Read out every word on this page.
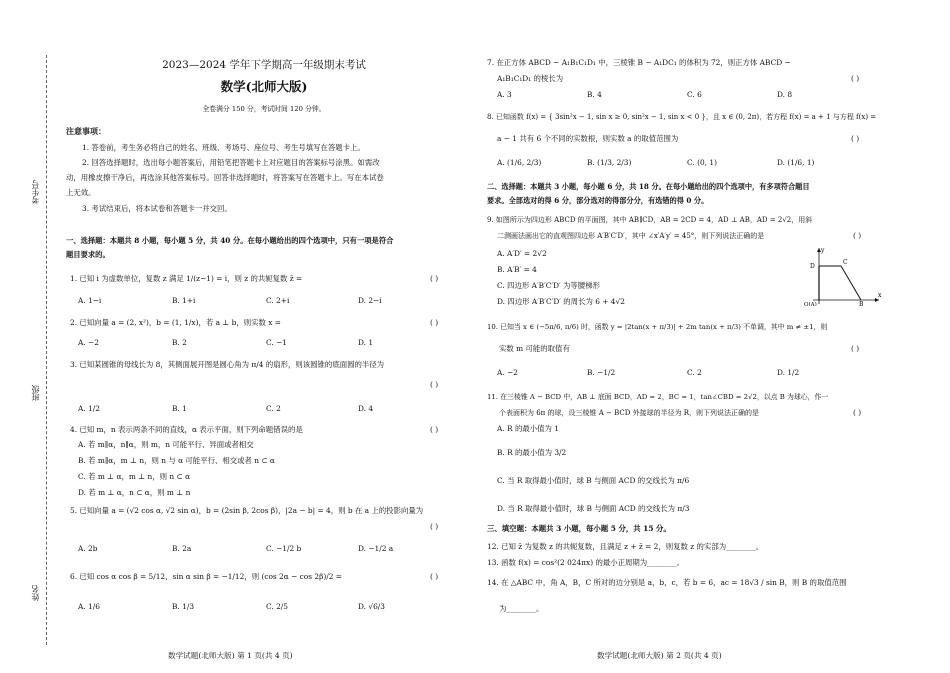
考生号
班级
姓名
2023—2024 学年下学期高一年级期末考试
数学(北师大版)
全卷满分 150 分，考试时间 120 分钟。
注意事项：
1. 答卷前，考生务必将自己的姓名、班级、考场号、座位号、考生号填写在答题卡上。
2. 回答选择题时，选出每小题答案后，用铅笔把答题卡上对应题目的答案标号涂黑。如需改
动，用橡皮擦干净后，再选涂其他答案标号。回答非选择题时，将答案写在答题卡上。写在本试卷
上无效。
3. 考试结束后，将本试卷和答题卡一并交回。
一、选择题：本题共 8 小题，每小题 5 分，共 40 分。在每小题给出的四个选项中，只有一项是符合
题目要求的。
1. 已知 i 为虚数单位，复数 z 满足 1/(z−1) = i，则 z 的共轭复数 z̄ =	( )
A. 1−i	B. 1+i	C. 2+i	D. 2−i
2. 已知向量 a = (2, x²)，b = (1, 1/x)，若 a ⊥ b，则实数 x =	( )
A. −2	B. 2	C. −1	D. 1
3. 已知某圆锥的母线长为 8，其侧面展开图是圆心角为 π/4 的扇形，则该圆锥的底面圆的半径为
( )
A. 1/2	B. 1	C. 2	D. 4
4. 已知 m，n 表示两条不同的直线，α 表示平面，则下列命题错误的是	( )
A. 若 m∥α，n∥α，则 m，n 可能平行、异面或者相交
B. 若 m∥α，m ⊥ n，则 n 与 α 可能平行、相交或者 n ⊂ α
C. 若 m ⊥ α，m ⊥ n，则 n ⊂ α
D. 若 m ⊥ α，n ⊂ α，则 m ⊥ n
5. 已知向量 a = (√2 cos α, √2 sin α)，b = (2sin β, 2cos β)，|2a − b| = 4，则 b 在 a 上的投影向量为
( )
A. 2b	B. 2a	C. −1/2 b	D. −1/2 a
6. 已知 cos α cos β = 5/12，sin α sin β = −1/12，则 (cos 2α − cos 2β)/2 =	( )
A. 1/6	B. 1/3	C. 2/5	D. √6/3
数学试题(北师大版) 第 1 页(共 4 页)
7. 在正方体 ABCD − A₁B₁C₁D₁ 中，三棱锥 B − A₁DC₁ 的体积为 72，则正方体 ABCD −
A₁B₁C₁D₁ 的棱长为	( )
A. 3	B. 4	C. 6	D. 8
8. 已知函数 f(x) = { 3sin²x − 1, sin x ≥ 0, sin²x − 1, sin x < 0 }，且 x ∈ (0, 2π)，若方程 f(x) = a + 1 与方程 f(x) =
a − 1 共有 6 个不同的实数根，则实数 a 的取值范围为	( )
A. (1/6, 2/3)	B. (1/3, 2/3)	C. (0, 1)	D. (1/6, 1)
二、选择题：本题共 3 小题，每小题 6 分，共 18 分。在每小题给出的四个选项中，有多项符合题目
要求。全部选对的得 6 分，部分选对的得部分分，有选错的得 0 分。
9. 如图所示为四边形 ABCD 的平面图，其中 AB∥CD，AB = 2CD = 4，AD ⊥ AB，AD = 2√2，用斜
二测画法画出它的直观图四边形 A′B′C′D′，其中 ∠x′A′y′ = 45°，则下列说法正确的是	( )
A. A′D′ = 2√2
B. A′B′ = 4
C. 四边形 A′B′C′D′ 为等腰梯形
D. 四边形 A′B′C′D′ 的周长为 6 + 4√2
y
x
D
C
O(A)	B
10. 已知当 x ∈ (−5π/6, π/6) 时，函数 y = |2tan(x + π/3)| + 2m tan(x + π/3) 不单调，其中 m ≠ ±1，则
实数 m 可能的取值有	( )
A. −2	B. −1/2	C. 2	D. 1/2
11. 在三棱锥 A − BCD 中，AB ⊥ 底面 BCD，AD = 2，BC = 1，tan∠CBD = 2√2，以点 B 为球心，作一
个表面积为 6π 的球，设三棱锥 A − BCD 外接球的半径为 R，则下列说法正确的是	( )
A. R 的最小值为 1
B. R 的最小值为 3/2
C. 当 R 取得最小值时，球 B 与侧面 ACD 的交线长为 π/6
D. 当 R 取得最小值时，球 B 与侧面 ACD 的交线长为 π/3
三、填空题：本题共 3 小题，每小题 5 分，共 15 分。
12. 已知 z̄ 为复数 z 的共轭复数，且满足 z + z̄ = 2，则复数 z 的实部为________。
13. 函数 f(x) = cos²(2 024πx) 的最小正周期为________。
14. 在 △ABC 中，角 A，B，C 所对的边分别是 a，b，c，若 b = 6，ac = 18√3 / sin B，则 B 的取值范围
为________。
数学试题(北师大版) 第 2 页(共 4 页)
